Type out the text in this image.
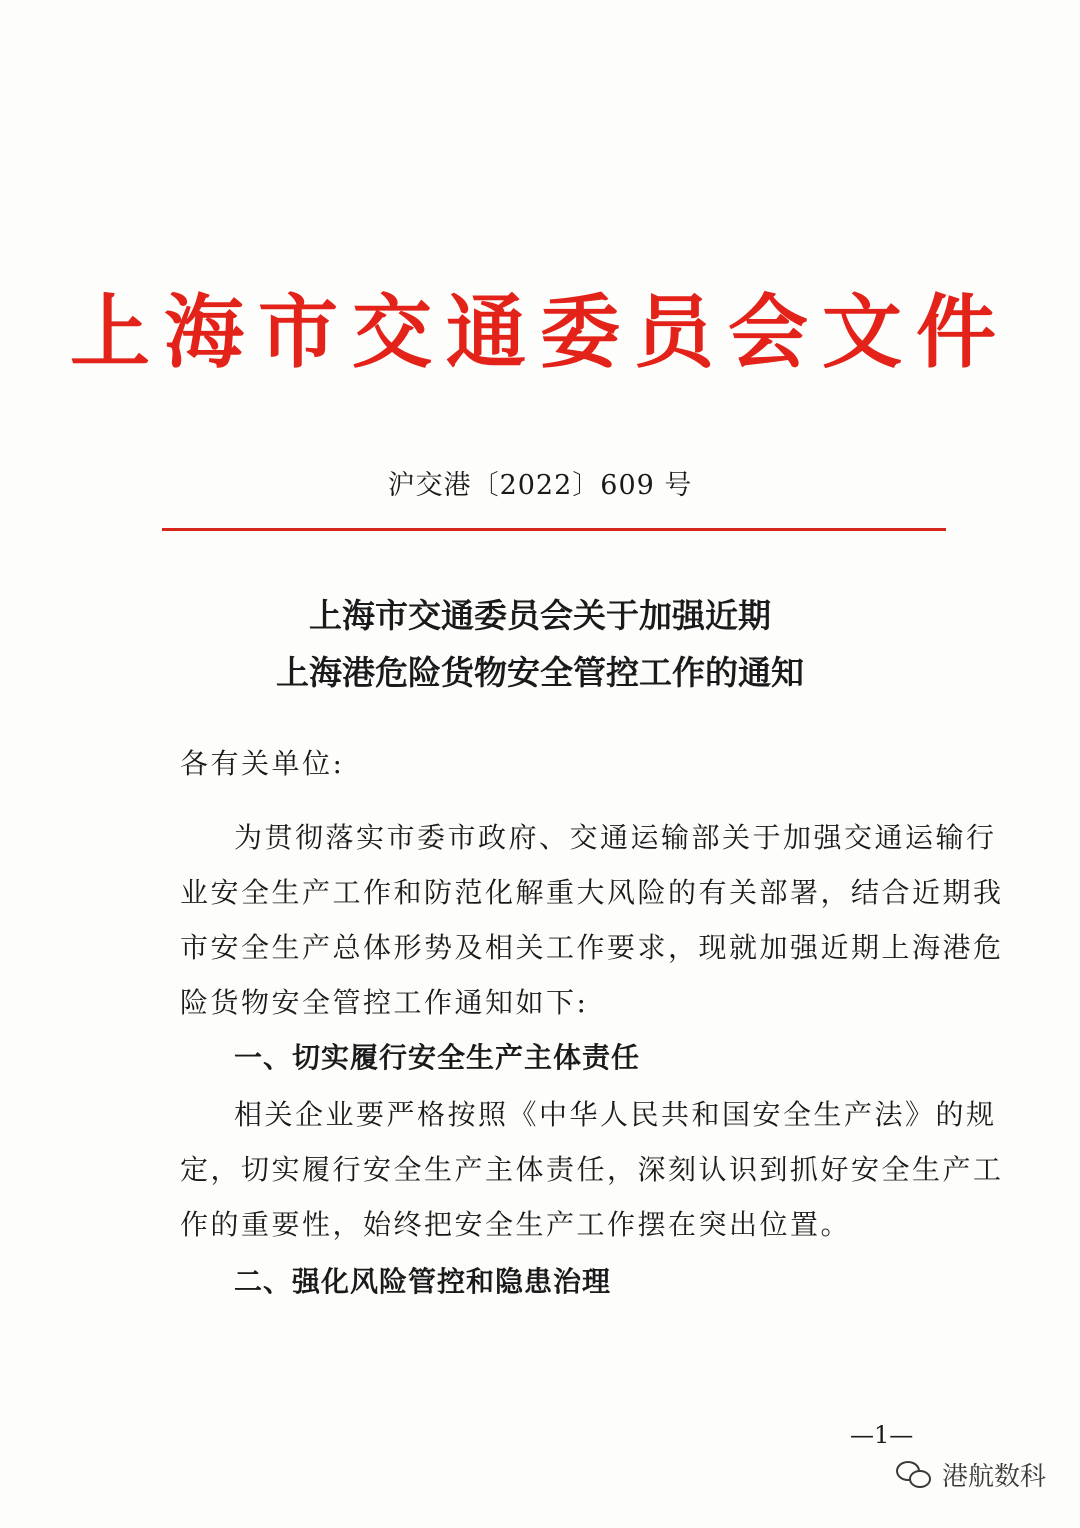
上海市交通委员会文件
沪交港〔2022〕609 号
上海市交通委员会关于加强近期
上海港危险货物安全管控工作的通知
各有关单位:
为贯彻落实市委市政府、交通运输部关于加强交通运输行
业安全生产工作和防范化解重大风险的有关部署，结合近期我
市安全生产总体形势及相关工作要求，现就加强近期上海港危
险货物安全管控工作通知如下:
一、切实履行安全生产主体责任
相关企业要严格按照《中华人民共和国安全生产法》的规
定，切实履行安全生产主体责任，深刻认识到抓好安全生产工
作的重要性，始终把安全生产工作摆在突出位置。
二、强化风险管控和隐患治理
—1—
港航数科
